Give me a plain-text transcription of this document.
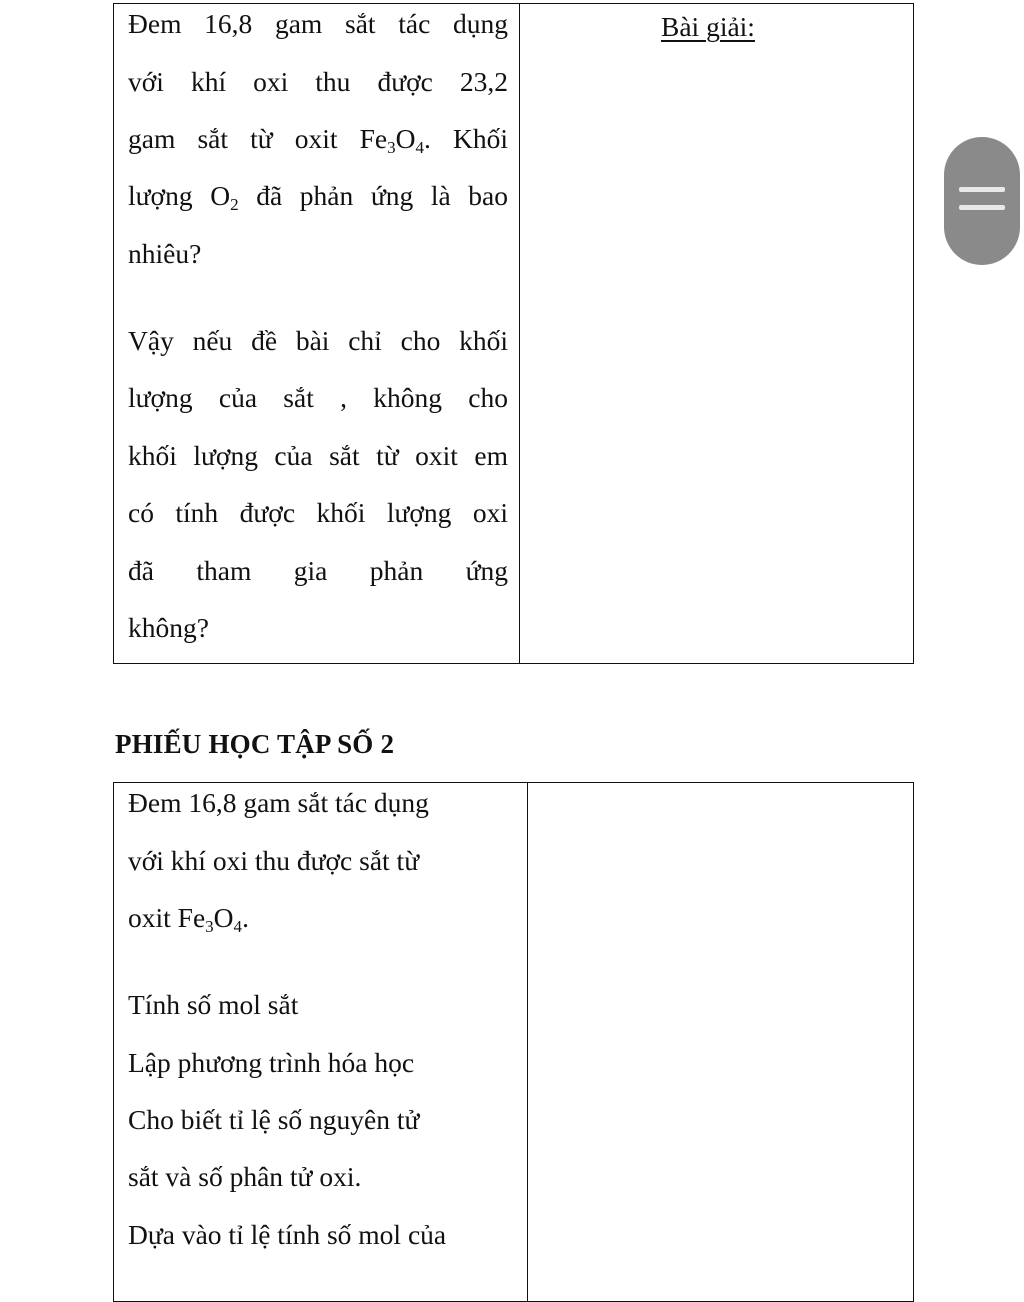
Đem 16,8 gam sắt tác dụng
với khí oxi thu được 23,2
gam sắt từ oxit $Fe_3O_4$. Khối
lượng $O_2$ đã phản ứng là bao
nhiêu?
Vậy nếu đề bài chỉ cho khối
lượng của sắt , không cho
khối lượng của sắt từ oxit em
có tính được khối lượng oxi
đã tham gia phản ứng
không?
Bài giải:
PHIẾU HỌC TẬP SỐ 2
Đem 16,8 gam sắt tác dụng
với khí oxi thu được sắt từ
oxit $Fe_3O_4$.
Tính số mol sắt
Lập phương trình hóa học
Cho biết tỉ lệ số nguyên tử
sắt và số phân tử oxi.
Dựa vào tỉ lệ tính số mol của
